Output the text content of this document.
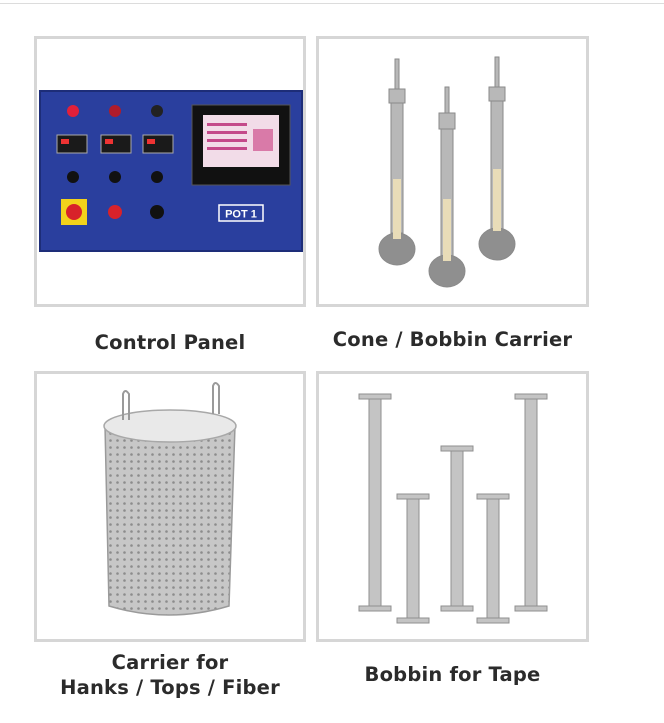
POT 1
Control Panel	Cone / Bobbin Carrier
Carrier for
Hanks / Tops / Fiber
Bobbin for Tape
